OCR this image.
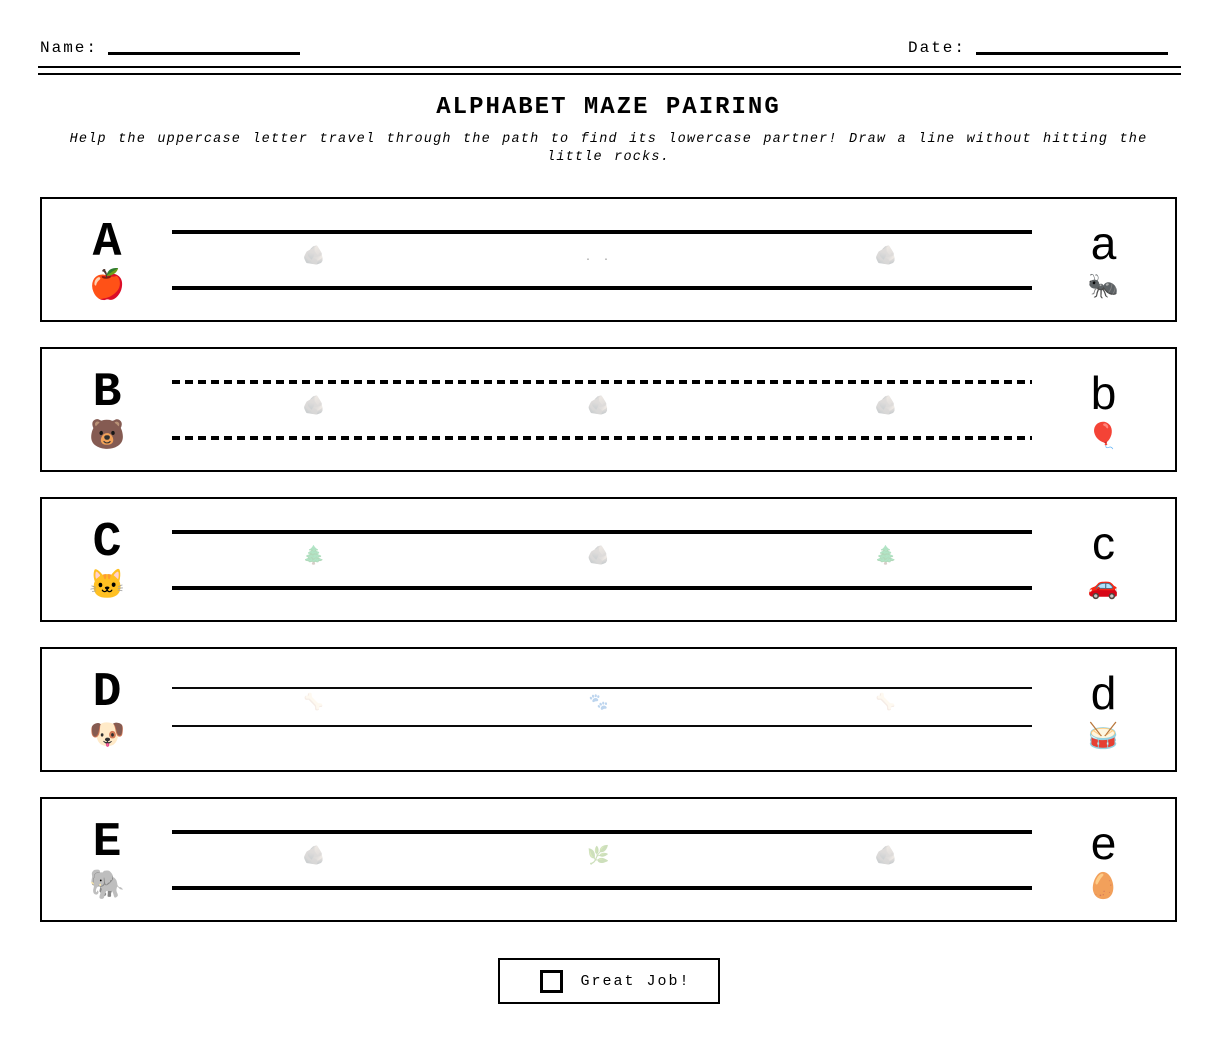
Name:	Date:
ALPHABET MAZE PAIRING
Help the uppercase letter travel through the path to find its lowercase partner! Draw a line without hitting the little rocks.
A
🍎
🪨	∙ ∙	🪨	a
🐜
B
🐻
🪨	🪨	🪨	b
🎈
C
🐱
🌲	🪨	🌲	c
🚗
D
🐶
🦴	🐾	🦴	d
🥁
E
🐘
🪨	🌿	🪨	e
🥚
Great Job!
